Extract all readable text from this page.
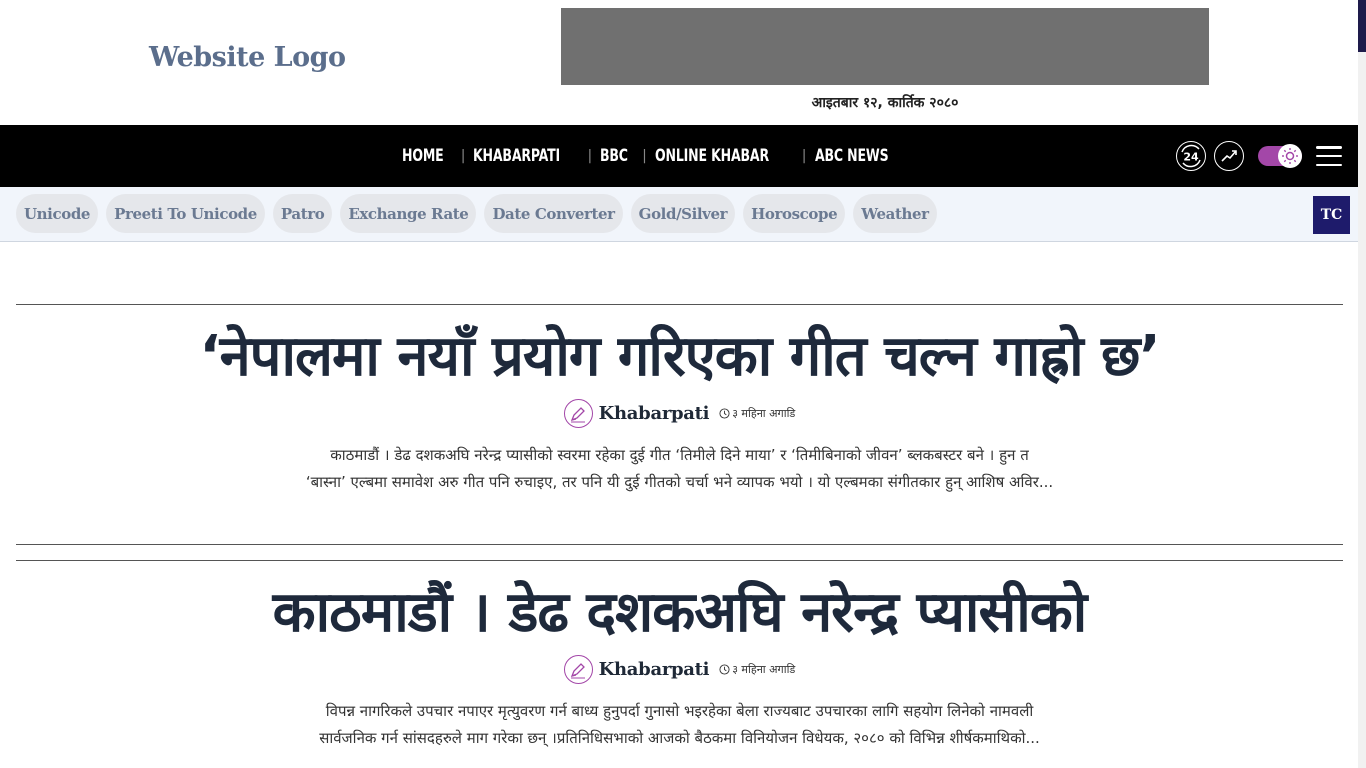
Website Logo
आइतबार १२, कार्तिक २०८०
HOME | KHABARPATI | BBC | ONLINE KHABAR | ABC NEWS	24
Unicode	Preeti To Unicode	Patro	Exchange Rate	Date Converter	Gold/Silver	Horoscope	Weather	TC
‘नेपालमा नयाँ प्रयोग गरिएका गीत चल्न गाह्रो छ’
Khabarpati ३ महिना अगाडि
काठमाडौं । डेढ दशकअघि नरेन्द्र प्यासीको स्वरमा रहेका दुई गीत ‘तिमीले दिने माया’ र ‘तिमीबिनाको जीवन’ ब्लकबस्टर बने । हुन त
‘बास्ना’ एल्बमा समावेश अरु गीत पनि रुचाइए, तर पनि यी दुई गीतको चर्चा भने व्यापक भयो । यो एल्बमका संगीतकार हुन् आशिष अविर...
काठमाडौं । डेढ दशकअघि नरेन्द्र प्यासीको
Khabarpati ३ महिना अगाडि
विपन्न नागरिकले उपचार नपाएर मृत्युवरण गर्न बाध्य हुनुपर्दा गुनासो भइरहेका बेला राज्यबाट उपचारका लागि सहयोग लिनेको नामवली
सार्वजनिक गर्न सांसदहरुले माग गरेका छन् ।प्रतिनिधिसभाको आजको बैठकमा विनियोजन विधेयक, २०८० को विभिन्न शीर्षकमाथिको...
